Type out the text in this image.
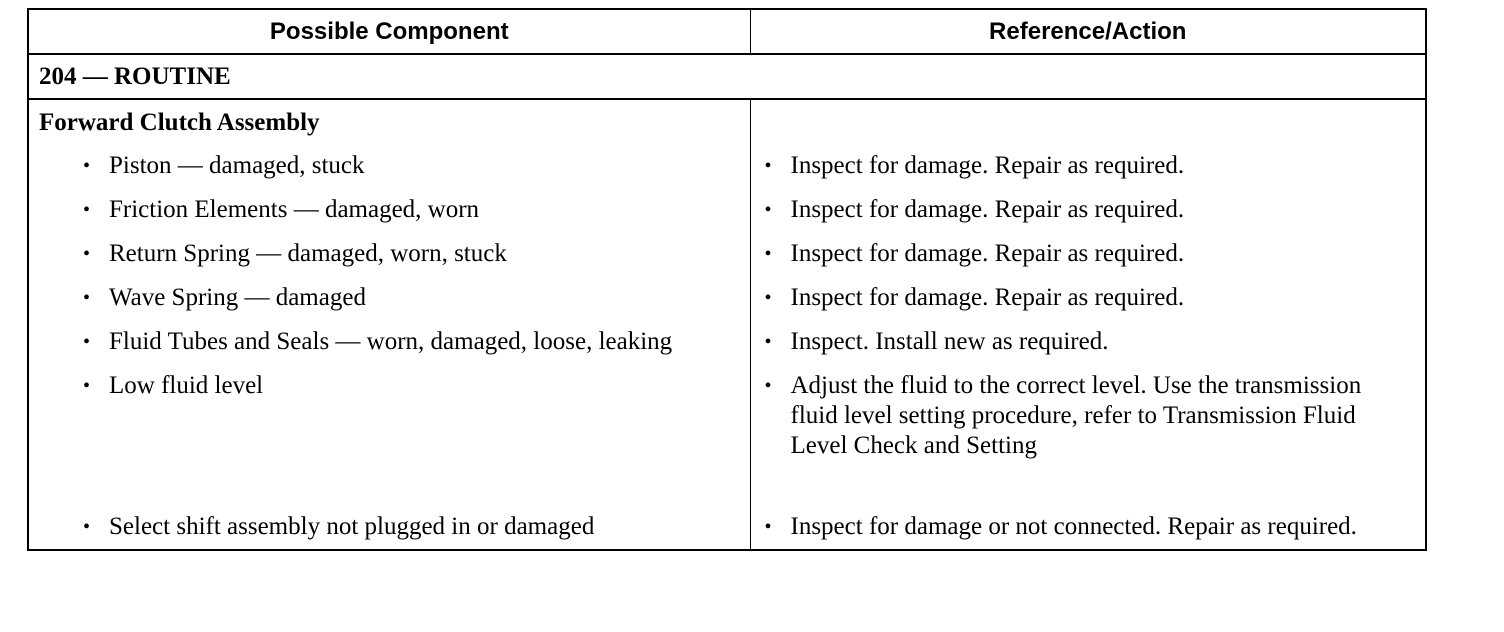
Possible Component	Reference/Action
204 — ROUTINE	
Forward Clutch Assembly	

• Piston — damaged, stuck	• Inspect for damage. Repair as required.

• Friction Elements — damaged, worn	• Inspect for damage. Repair as required.

• Return Spring — damaged, worn, stuck	• Inspect for damage. Repair as required.

• Wave Spring — damaged	• Inspect for damage. Repair as required.

• Fluid Tubes and Seals — worn, damaged, loose, leaking	• Inspect. Install new as required.

• Low fluid level	• Adjust the fluid to the correct level. Use the transmission fluid level setting procedure, refer to Transmission Fluid Level Check and Setting

• Select shift assembly not plugged in or damaged	• Inspect for damage or not connected. Repair as required.
